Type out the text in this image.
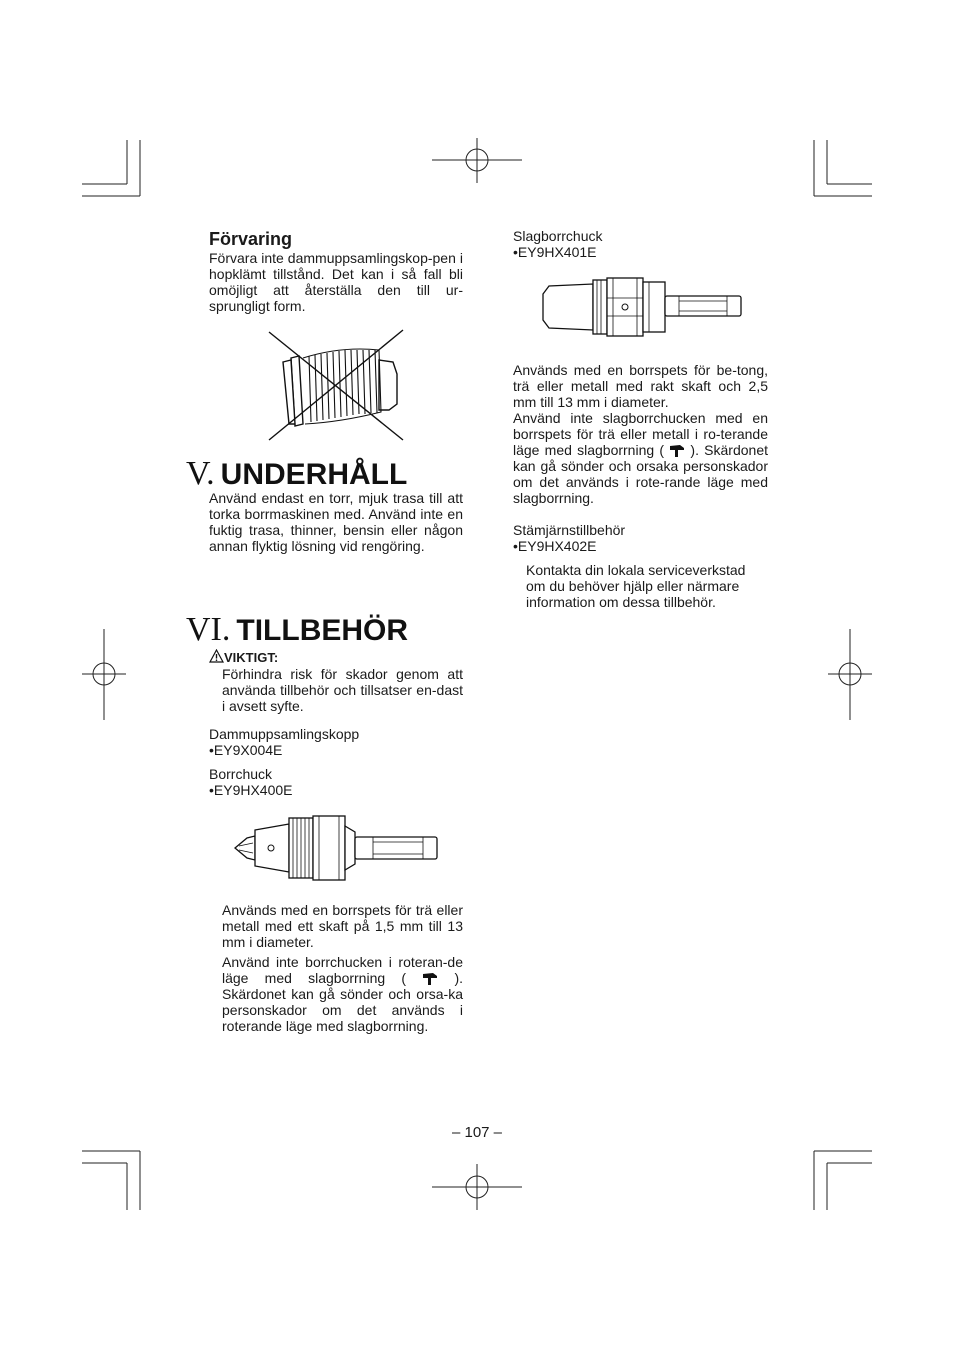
Förvaring

Förvara inte dammuppsamlingskop-pen i hopklämt tillstånd. Det kan i så fall bli omöjligt att återställa den till ur-sprungligt form.

V. UNDERHÅLL

Använd endast en torr, mjuk trasa till att torka borrmaskinen med. Använd inte en fuktig trasa, thinner, bensin eller någon annan flyktig lösning vid rengöring.

VI. TILLBEHÖR
VIKTIGT:

Förhindra risk för skador genom att använda tillbehör och tillsatser en-dast i avsett syfte.

Dammuppsamlingskopp

•EY9X004E

Borrchuck

•EY9HX400E

Används med en borrspets för trä eller metall med ett skaft på 1,5 mm till 13 mm i diameter.

Använd inte borrchucken i roteran-de läge med slagborrning (	). Skärdonet kan gå sönder och orsa-ka personskador om det används i roterande läge med slagborrning.

Slagborrchuck

•EY9HX401E

Används med en borrspets för be-tong, trä eller metall med rakt skaft och 2,5 mm till 13 mm i diameter.

Använd inte slagborrchucken med en borrspets för trä eller metall i ro-terande läge med slagborrning ( ). Skärdonet kan gå sönder och orsaka personskador om det används i rote-rande läge med slagborrning.

Stämjärnstillbehör

•EY9HX402E

Kontakta din lokala serviceverkstad om du behöver hjälp eller närmare information om dessa tillbehör.

– 107 –
